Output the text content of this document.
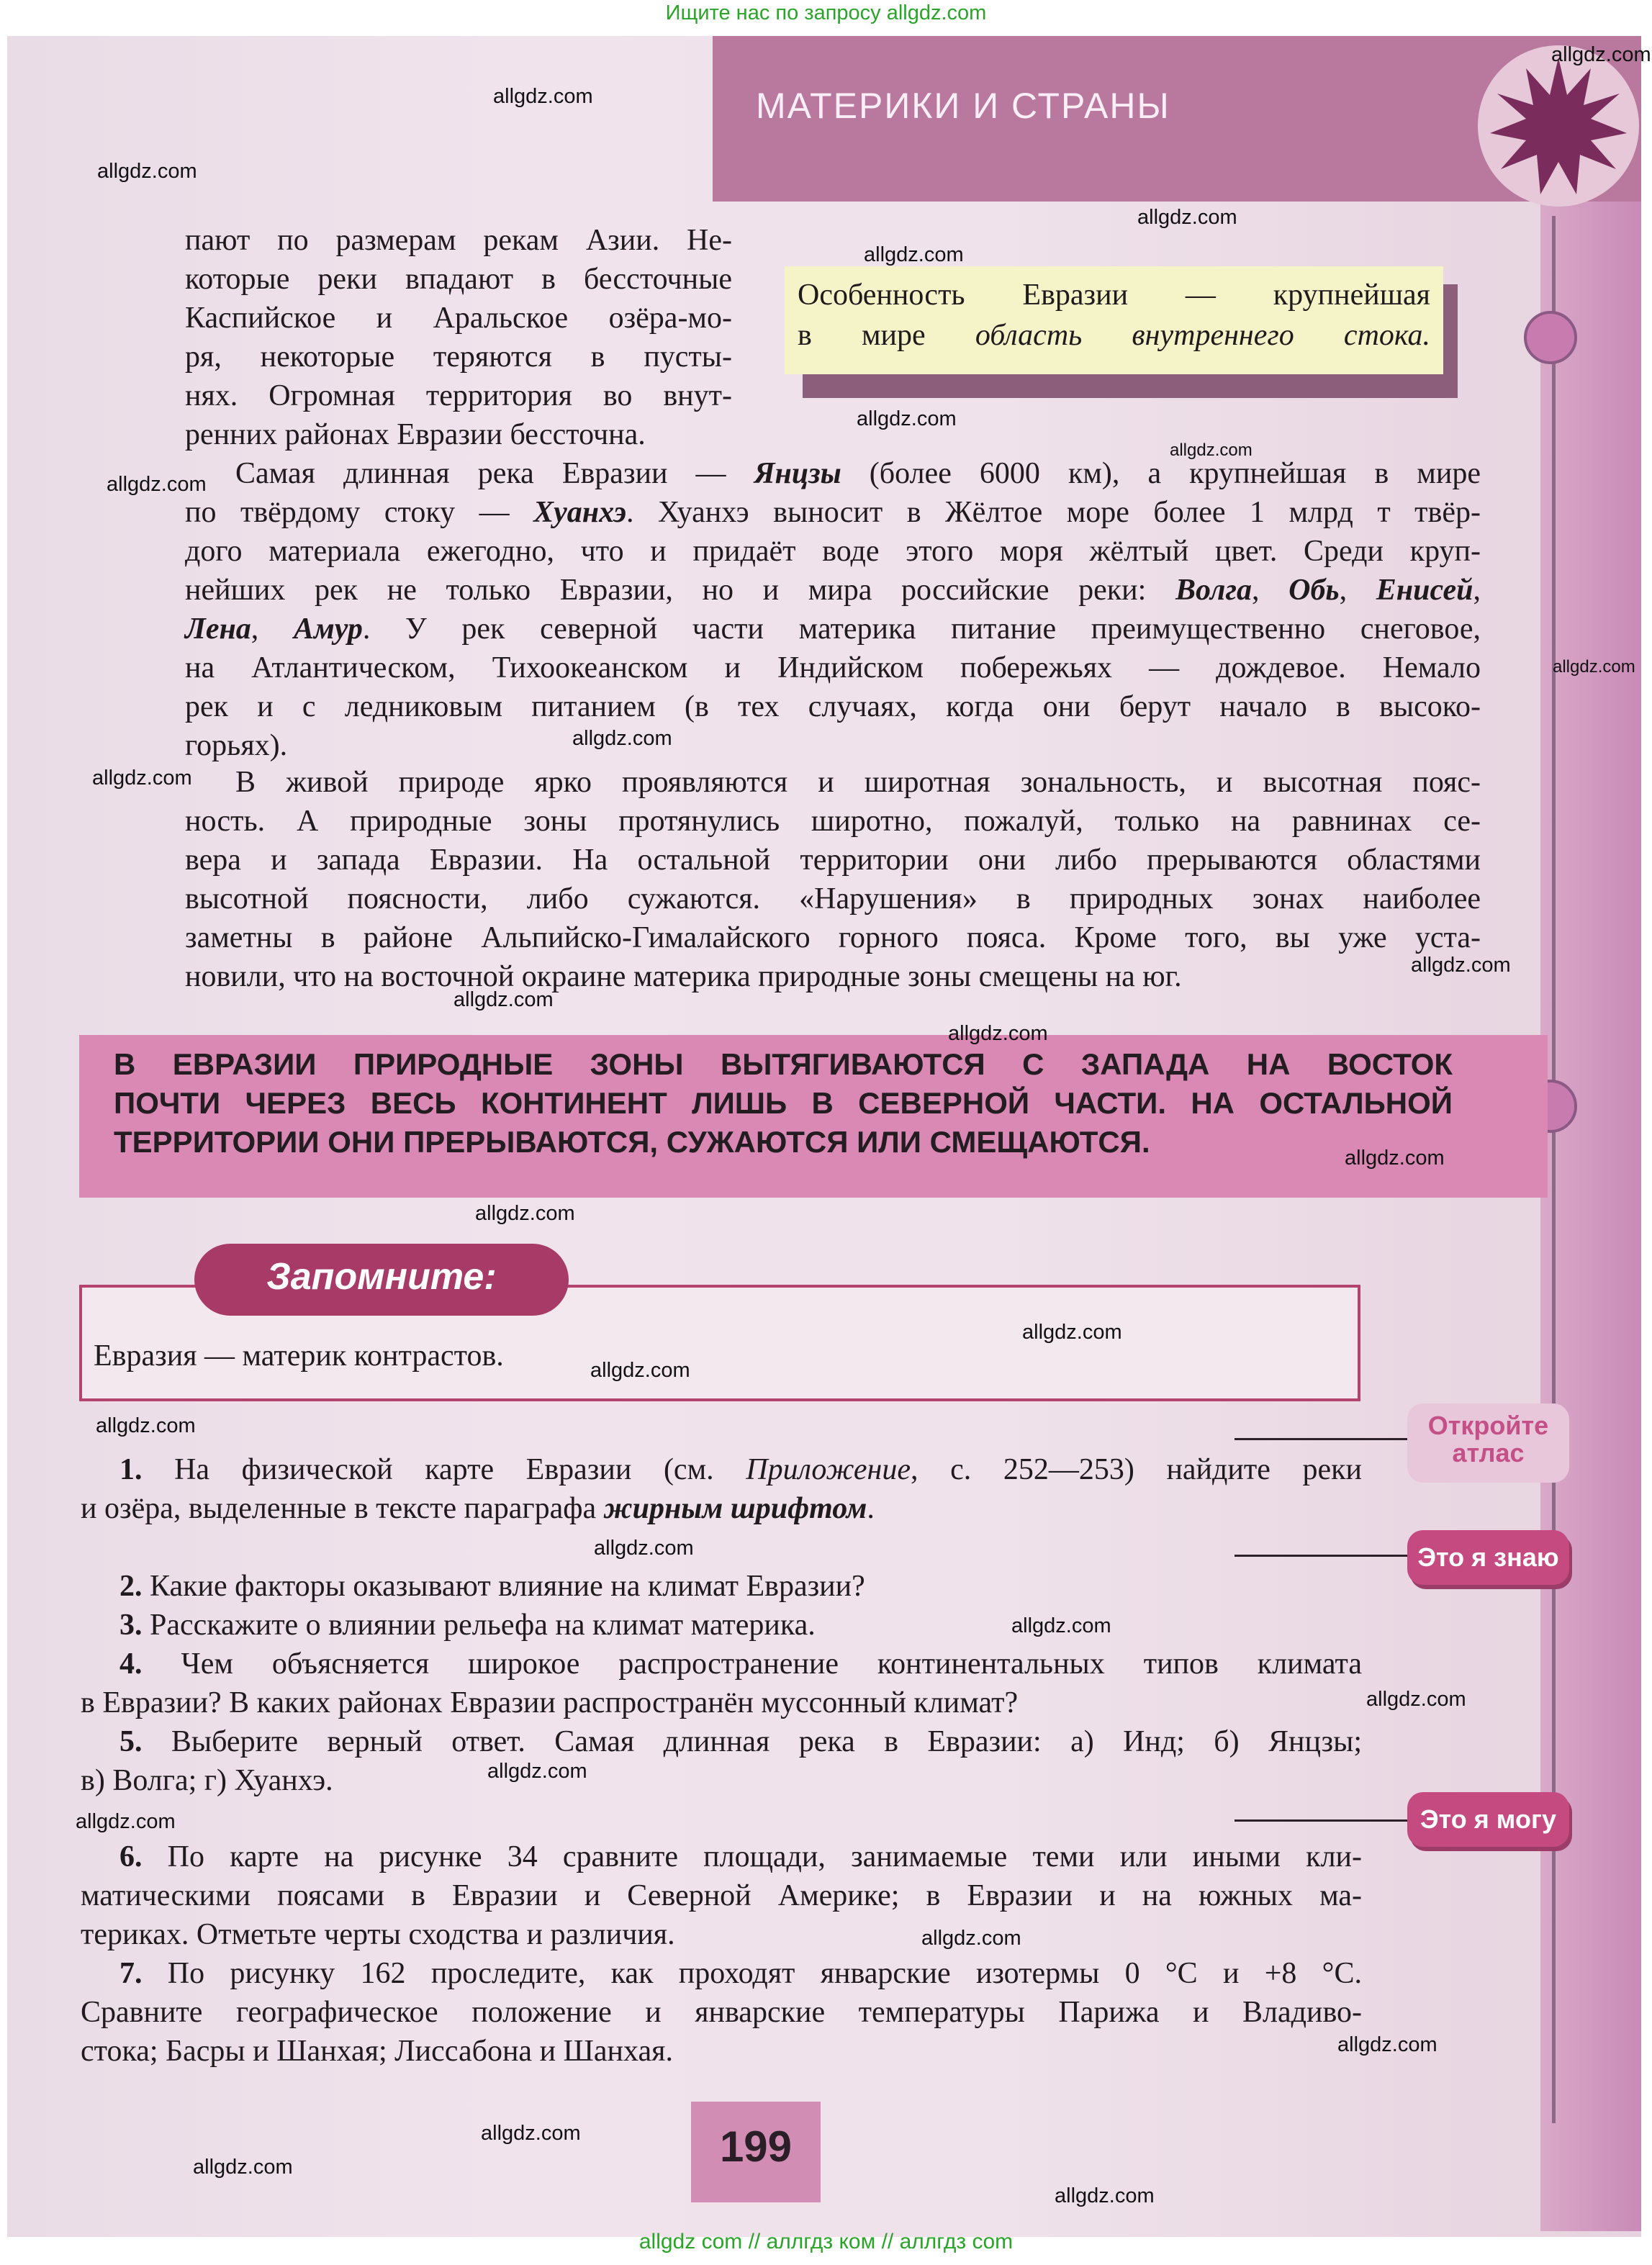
Ищите нас по запросу allgdz.com
МАТЕРИКИ И СТРАНЫ
Особенность Евразии — крупнейшая
в мире область внутреннего стока.
пают по размерам рекам Азии. Не-
которые реки впадают в бессточные
Каспийское и Аральское озёра-мо-
ря, некоторые теряются в пусты-
нях. Огромная территория во внут-
ренних районах Евразии бессточна.
Самая длинная река Евразии — Янцзы (более 6000 км), а крупнейшая в мире
по твёрдому стоку — Хуанхэ. Хуанхэ выносит в Жёлтое море более 1 млрд т твёр-
дого материала ежегодно, что и придаёт воде этого моря жёлтый цвет. Среди круп-
нейших рек не только Евразии, но и мира российские реки: Волга, Обь, Енисей,
Лена, Амур. У рек северной части материка питание преимущественно снеговое,
на Атлантическом, Тихоокеанском и Индийском побережьях — дождевое. Немало
рек и с ледниковым питанием (в тех случаях, когда они берут начало в высоко-
горьях).
В живой природе ярко проявляются и широтная зональность, и высотная пояс-
ность. А природные зоны протянулись широтно, пожалуй, только на равнинах се-
вера и запада Евразии. На остальной территории они либо прерываются областями
высотной поясности, либо сужаются. «Нарушения» в природных зонах наиболее
заметны в районе Альпийско-Гималайского горного пояса. Кроме того, вы уже уста-
новили, что на восточной окраине материка природные зоны смещены на юг.
В ЕВРАЗИИ ПРИРОДНЫЕ ЗОНЫ ВЫТЯГИВАЮТСЯ С ЗАПАДА НА ВОСТОК
ПОЧТИ ЧЕРЕЗ ВЕСЬ КОНТИНЕНТ ЛИШЬ В СЕВЕРНОЙ ЧАСТИ. НА ОСТАЛЬНОЙ
ТЕРРИТОРИИ ОНИ ПРЕРЫВАЮТСЯ, СУЖАЮТСЯ ИЛИ СМЕЩАЮТСЯ.
Запомните:
Евразия — материк контрастов.
Откройте
атлас
Это я знаю
Это я могу
1. На физической карте Евразии (см. Приложение, с. 252—253) найдите реки
и озёра, выделенные в тексте параграфа жирным шрифтом.
2. Какие факторы оказывают влияние на климат Евразии?
3. Расскажите о влиянии рельефа на климат материка.
4. Чем объясняется широкое распространение континентальных типов климата
в Евразии? В каких районах Евразии распространён муссонный климат?
5. Выберите верный ответ. Самая длинная река в Евразии: а) Инд; б) Янцзы;
в) Волга; г) Хуанхэ.
6. По карте на рисунке 34 сравните площади, занимаемые теми или иными кли-
матическими поясами в Евразии и Северной Америке; в Евразии и на южных ма-
териках. Отметьте черты сходства и различия.
7. По рисунку 162 проследите, как проходят январские изотермы 0 °С и +8 °С.
Сравните географическое положение и январские температуры Парижа и Владиво-
стока; Басры и Шанхая; Лиссабона и Шанхая.
199
allgdz.com
allgdz.com
allgdz.com
allgdz.com
allgdz.com
allgdz.com
allgdz.com
allgdz.com
allgdz.com
allgdz.com
allgdz.com
allgdz.com
allgdz.com
allgdz.com
allgdz.com
allgdz.com
allgdz.com
allgdz.com
allgdz.com
allgdz.com
allgdz.com
allgdz.com
allgdz.com
allgdz.com
allgdz.com
allgdz.com
allgdz.com
allgdz.com
allgdz.com
allgdz com // аллгдз ком // аллгдз com
